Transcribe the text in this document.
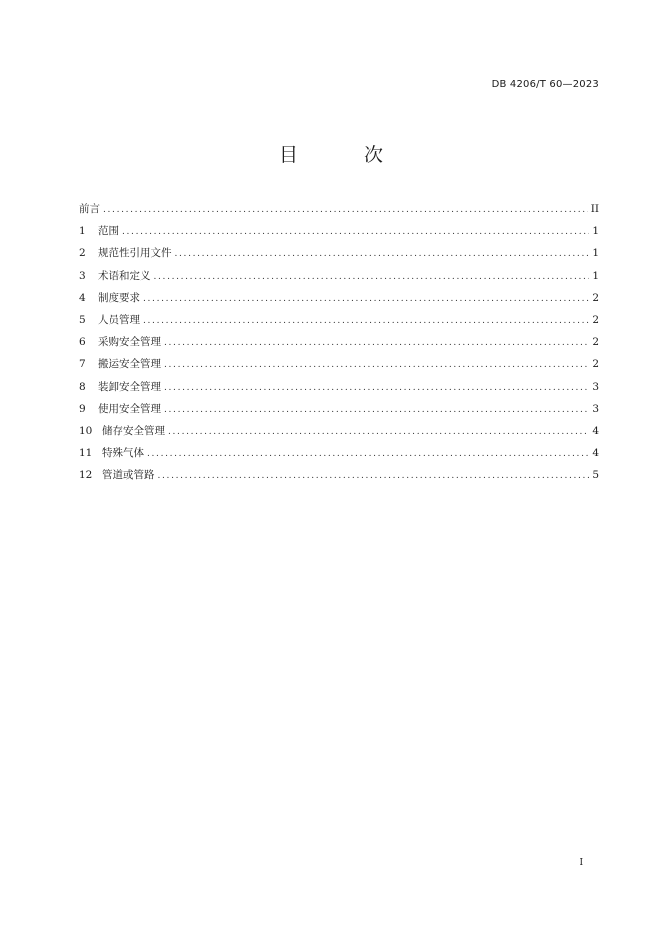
DB 4206/T 60—2023
目 次
前言 . . .	II
1	范围 . . .	1
2	规范性引用文件 . . .	1
3	术语和定义 . . .	1
4	制度要求 . . .	2
5	人员管理 . . .	2
6	采购安全管理 . . .	2
7	搬运安全管理 . . .	2
8	装卸安全管理 . . .	3
9	使用安全管理 . . .	3
10 储存安全管理 . . .	4
11 特殊气体 . . .	4
12 管道或管路 . . .	5
I
